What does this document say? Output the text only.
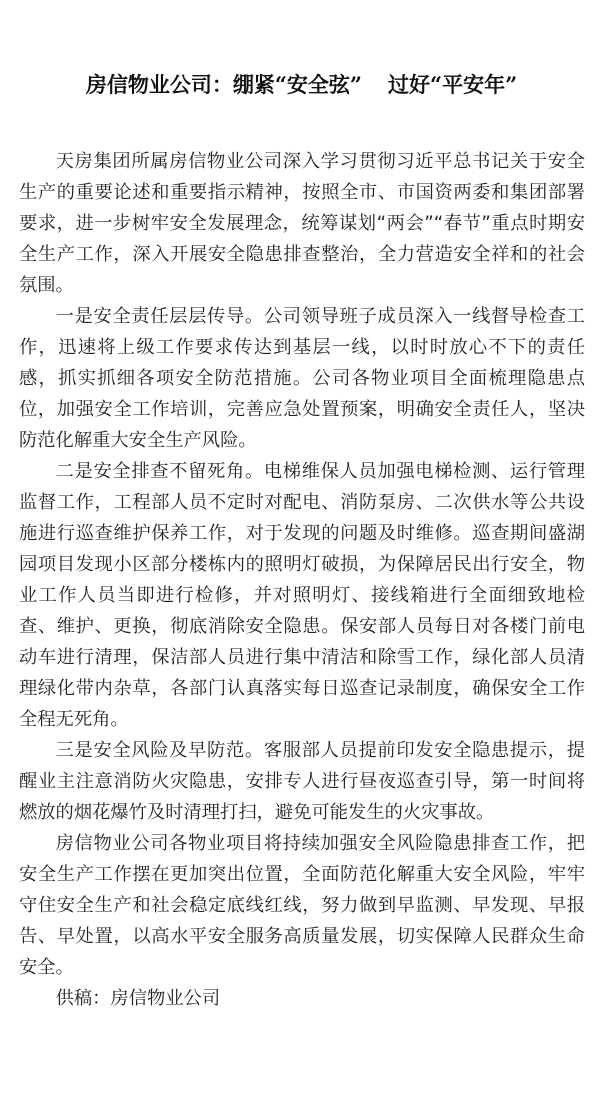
房信物业公司：绷紧“安全弦” 过好“平安年”

天房集团所属房信物业公司深入学习贯彻习近平总书记关于安全生产的重要论述和重要指示精神，按照全市、市国资两委和集团部署要求，进一步树牢安全发展理念，统筹谋划“两会”“春节”重点时期安全生产工作，深入开展安全隐患排查整治，全力营造安全祥和的社会氛围。

一是安全责任层层传导。公司领导班子成员深入一线督导检查工作，迅速将上级工作要求传达到基层一线，以时时放心不下的责任感，抓实抓细各项安全防范措施。公司各物业项目全面梳理隐患点位，加强安全工作培训，完善应急处置预案，明确安全责任人，坚决防范化解重大安全生产风险。

二是安全排查不留死角。电梯维保人员加强电梯检测、运行管理监督工作，工程部人员不定时对配电、消防泵房、二次供水等公共设施进行巡查维护保养工作，对于发现的问题及时维修。巡查期间盛湖园项目发现小区部分楼栋内的照明灯破损，为保障居民出行安全，物业工作人员当即进行检修，并对照明灯、接线箱进行全面细致地检查、维护、更换，彻底消除安全隐患。保安部人员每日对各楼门前电动车进行清理，保洁部人员进行集中清洁和除雪工作，绿化部人员清理绿化带内杂草，各部门认真落实每日巡查记录制度，确保安全工作全程无死角。

三是安全风险及早防范。客服部人员提前印发安全隐患提示，提醒业主注意消防火灾隐患，安排专人进行昼夜巡查引导，第一时间将燃放的烟花爆竹及时清理打扫，避免可能发生的火灾事故。

房信物业公司各物业项目将持续加强安全风险隐患排查工作，把安全生产工作摆在更加突出位置，全面防范化解重大安全风险，牢牢守住安全生产和社会稳定底线红线，努力做到早监测、早发现、早报告、早处置，以高水平安全服务高质量发展，切实保障人民群众生命安全。

供稿：房信物业公司
